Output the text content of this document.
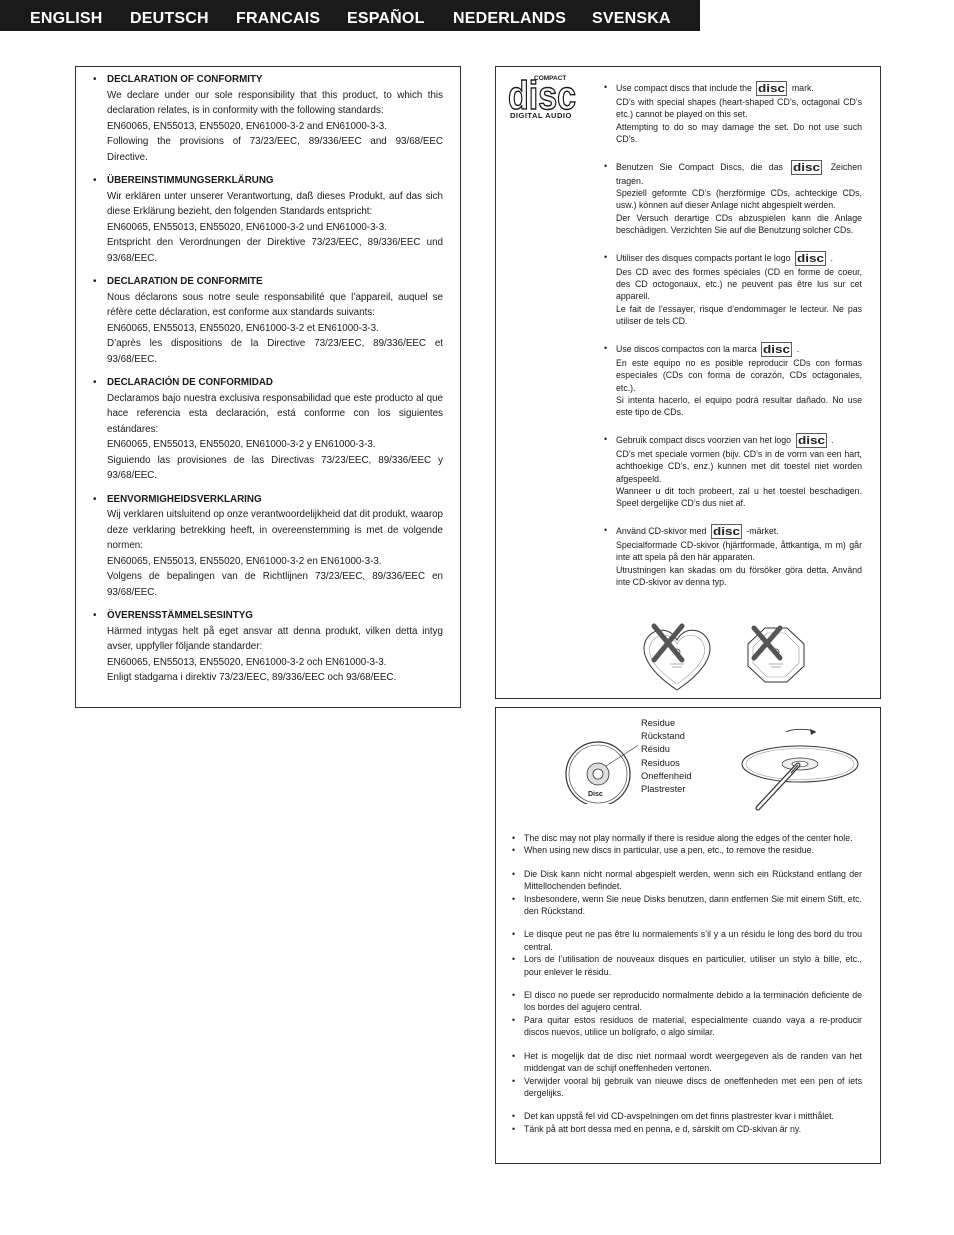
ENGLISH DEUTSCH FRANCAIS ESPAÑOL NEDERLANDS SVENSKA
• DECLARATION OF CONFORMITY
We declare under our sole responsibility that this product, to which this declaration relates, is in conformity with the following standards:
EN60065, EN55013, EN55020, EN61000-3-2 and EN61000-3-3.
Following the provisions of 73/23/EEC, 89/336/EEC and 93/68/EEC Directive.
• ÜBEREINSTIMMUNGSERKLÄRUNG
Wir erklären unter unserer Verantwortung, daß dieses Produkt, auf das sich diese Erklärung bezieht, den folgenden Standards entspricht:
EN60065, EN55013, EN55020, EN61000-3-2 und EN61000-3-3.
Entspricht den Verordnungen der Direktive 73/23/EEC, 89/336/EEC und 93/68/EEC.
• DECLARATION DE CONFORMITE
Nous déclarons sous notre seule responsabilité que l’appareil, auquel se réfère cette déclaration, est conforme aux standards suivants:
EN60065, EN55013, EN55020, EN61000-3-2 et EN61000-3-3.
D’après les dispositions de la Directive 73/23/EEC, 89/336/EEC et 93/68/EEC.
• DECLARACIÓN DE CONFORMIDAD
Declaramos bajo nuestra exclusiva responsabilidad que este producto al que hace referencia esta declaración, está conforme con los siguientes estándares:
EN60065, EN55013, EN55020, EN61000-3-2 y EN61000-3-3.
Siguiendo las provisiones de las Directivas 73/23/EEC, 89/336/EEC y 93/68/EEC.
• EENVORMIGHEIDSVERKLARING
Wij verklaren uitsluitend op onze verantwoordelijkheid dat dit produkt, waarop deze verklaring betrekking heeft, in overeenstemming is met de volgende normen:
EN60065, EN55013, EN55020, EN61000-3-2 en EN61000-3-3.
Volgens de bepalingen van de Richtlijnen 73/23/EEC, 89/336/EEC en 93/68/EEC.
• ÖVERENSSTÄMMELSESINTYG
Härmed intygas helt på eget ansvar att denna produkt, vilken detta intyg avser, uppfyller följande standarder:
EN60065, EN55013, EN55020, EN61000-3-2 och EN61000-3-3.
Enligt stadgarna i direktiv 73/23/EEC, 89/336/EEC och 93/68/EEC.
COMPACT
disc
DIGITAL AUDIO
• Use compact discs that include the disc mark.
CD’s with special shapes (heart-shaped CD’s, octagonal CD’s etc.) cannot be played on this set.
Attempting to do so may damage the set. Do not use such CD’s.
• Benutzen Sie Compact Discs, die das disc Zeichen tragen.
Speziell geformte CD’s (herzförmige CDs, achteckige CDs, usw.) können auf dieser Anlage nicht abgespielt werden.
Der Versuch derartige CDs abzuspielen kann die Anlage beschädigen. Verzichten Sie auf die Benutzung solcher CDs.
• Utiliser des disques compacts portant le logo disc .
Des CD avec des formes spéciales (CD en forme de coeur, des CD octogonaux, etc.) ne peuvent pas être lus sur cet appareil.
Le fait de l’essayer, risque d’endommager le lecteur. Ne pas utiliser de tels CD.
• Use discos compactos con la marca disc .
En este equipo no es posible reproducir CDs con formas especiales (CDs con forma de corazón, CDs octagonales, etc.).
Si intenta hacerlo, el equipo podrá resultar dañado. No use este tipo de CDs.
• Gebruik compact discs voorzien van het logo disc .
CD’s met speciale vormen (bijv. CD’s in de vorm van een hart, achthoekige CD’s, enz.) kunnen met dit toestel niet worden afgespeeld.
Wanneer u dit toch probeert, zal u het toestel beschadigen. Speel dergelijke CD’s dus niet af.
• Använd CD-skivor med disc -märket.
Specialformade CD-skivor (hjärtformade, åttkantiga, m m) går inte att spela på den här apparaten.
Utrustningen kan skadas om du försöker göra detta. Använd inte CD-skivor av denna typ.
Disc
Residue
Rückstand
Résidu
Residuos
Oneffenheid
Plastrester
• The disc may not play normally if there is residue along the edges of the center hole.
• When using new discs in particular, use a pen, etc., to remove the residue.
• Die Disk kann nicht normal abgespielt werden, wenn sich ein Rückstand entlang der Mittellochenden befindet.
• Insbesondere, wenn Sie neue Disks benutzen, dann entfernen Sie mit einem Stift, etc. den Rückstand.
• Le disque peut ne pas être lu normalements s’il y a un résidu le long des bord du trou central.
• Lors de l’utilisation de nouveaux disques en particulier, utiliser un stylo à bille, etc., pour enlever le résidu.
• El disco no puede ser reproducido normalmente debido a la terminación deficiente de los bordes del agujero central.
• Para quitar estos residuos de material, especialmente cuando vaya a re-producir discos nuevos, utilice un bolígrafo, o algo similar.
• Het is mogelijk dat de disc niet normaal wordt weergegeven als de randen van het middengat van de schijf oneffenheden vertonen.
• Verwijder vooral bij gebruik van nieuwe discs de oneffenheden met een pen of iets dergelijks.
• Det kan uppstå fel vid CD-avspelningen om det finns plastrester kvar i mitthålet.
• Tänk på att bort dessa med en penna, e d, särskilt om CD-skivan är ny.
